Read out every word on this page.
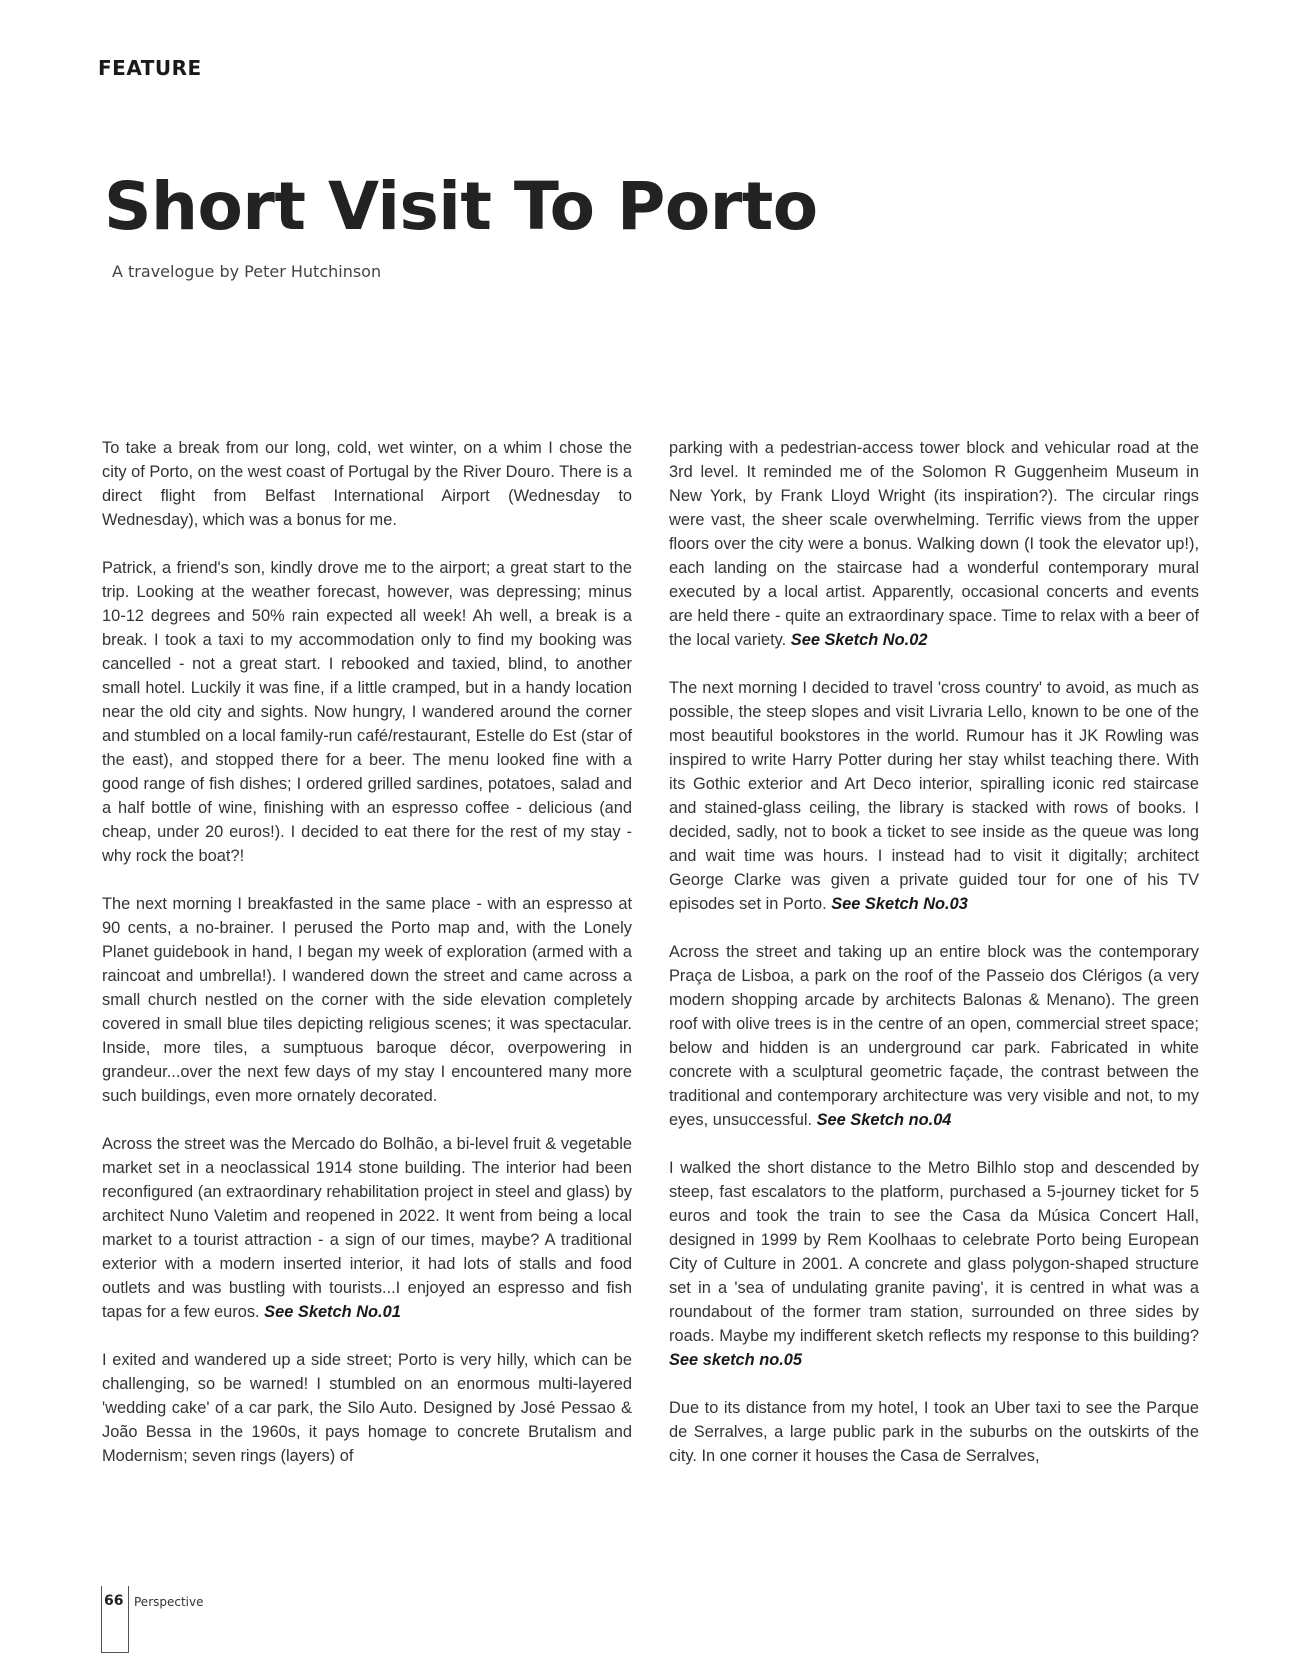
FEATURE
Short Visit To Porto
A travelogue by Peter Hutchinson

To take a break from our long, cold, wet winter, on a whim I chose the city of Porto, on the west coast of Portugal by the River Douro. There is a direct flight from Belfast International Airport (Wednesday to Wednesday), which was a bonus for me.

Patrick, a friend's son, kindly drove me to the airport; a great start to the trip. Looking at the weather forecast, however, was depressing; minus 10-12 degrees and 50% rain expected all week! Ah well, a break is a break. I took a taxi to my accommodation only to find my booking was cancelled - not a great start. I rebooked and taxied, blind, to another small hotel. Luckily it was fine, if a little cramped, but in a handy location near the old city and sights. Now hungry, I wandered around the corner and stumbled on a local family-run café/restaurant, Estelle do Est (star of the east), and stopped there for a beer. The menu looked fine with a good range of fish dishes; I ordered grilled sardines, potatoes, salad and a half bottle of wine, finishing with an espresso coffee - delicious (and cheap, under 20 euros!). I decided to eat there for the rest of my stay - why rock the boat?!

The next morning I breakfasted in the same place - with an espresso at 90 cents, a no-brainer. I perused the Porto map and, with the Lonely Planet guidebook in hand, I began my week of exploration (armed with a raincoat and umbrella!). I wandered down the street and came across a small church nestled on the corner with the side elevation completely covered in small blue tiles depicting religious scenes; it was spectacular. Inside, more tiles, a sumptuous baroque décor, overpowering in grandeur...over the next few days of my stay I encountered many more such buildings, even more ornately decorated.

Across the street was the Mercado do Bolhão, a bi-level fruit & vegetable market set in a neoclassical 1914 stone building. The interior had been reconfigured (an extraordinary rehabilitation project in steel and glass) by architect Nuno Valetim and reopened in 2022. It went from being a local market to a tourist attraction - a sign of our times, maybe? A traditional exterior with a modern inserted interior, it had lots of stalls and food outlets and was bustling with tourists...I enjoyed an espresso and fish tapas for a few euros. See Sketch No.01

I exited and wandered up a side street; Porto is very hilly, which can be challenging, so be warned! I stumbled on an enormous multi-layered 'wedding cake' of a car park, the Silo Auto. Designed by José Pessao & João Bessa in the 1960s, it pays homage to concrete Brutalism and Modernism; seven rings (layers) of

parking with a pedestrian-access tower block and vehicular road at the 3rd level. It reminded me of the Solomon R Guggenheim Museum in New York, by Frank Lloyd Wright (its inspiration?). The circular rings were vast, the sheer scale overwhelming. Terrific views from the upper floors over the city were a bonus. Walking down (I took the elevator up!), each landing on the staircase had a wonderful contemporary mural executed by a local artist. Apparently, occasional concerts and events are held there - quite an extraordinary space. Time to relax with a beer of the local variety. See Sketch No.02

The next morning I decided to travel 'cross country' to avoid, as much as possible, the steep slopes and visit Livraria Lello, known to be one of the most beautiful bookstores in the world. Rumour has it JK Rowling was inspired to write Harry Potter during her stay whilst teaching there. With its Gothic exterior and Art Deco interior, spiralling iconic red staircase and stained-glass ceiling, the library is stacked with rows of books. I decided, sadly, not to book a ticket to see inside as the queue was long and wait time was hours. I instead had to visit it digitally; architect George Clarke was given a private guided tour for one of his TV episodes set in Porto. See Sketch No.03

Across the street and taking up an entire block was the contemporary Praça de Lisboa, a park on the roof of the Passeio dos Clérigos (a very modern shopping arcade by architects Balonas & Menano). The green roof with olive trees is in the centre of an open, commercial street space; below and hidden is an underground car park. Fabricated in white concrete with a sculptural geometric façade, the contrast between the traditional and contemporary architecture was very visible and not, to my eyes, unsuccessful. See Sketch no.04

I walked the short distance to the Metro Bilhlo stop and descended by steep, fast escalators to the platform, purchased a 5-journey ticket for 5 euros and took the train to see the Casa da Música Concert Hall, designed in 1999 by Rem Koolhaas to celebrate Porto being European City of Culture in 2001. A concrete and glass polygon-shaped structure set in a 'sea of undulating granite paving', it is centred in what was a roundabout of the former tram station, surrounded on three sides by roads. Maybe my indifferent sketch reflects my response to this building? See sketch no.05

Due to its distance from my hotel, I took an Uber taxi to see the Parque de Serralves, a large public park in the suburbs on the outskirts of the city. In one corner it houses the Casa de Serralves,

66 Perspective
